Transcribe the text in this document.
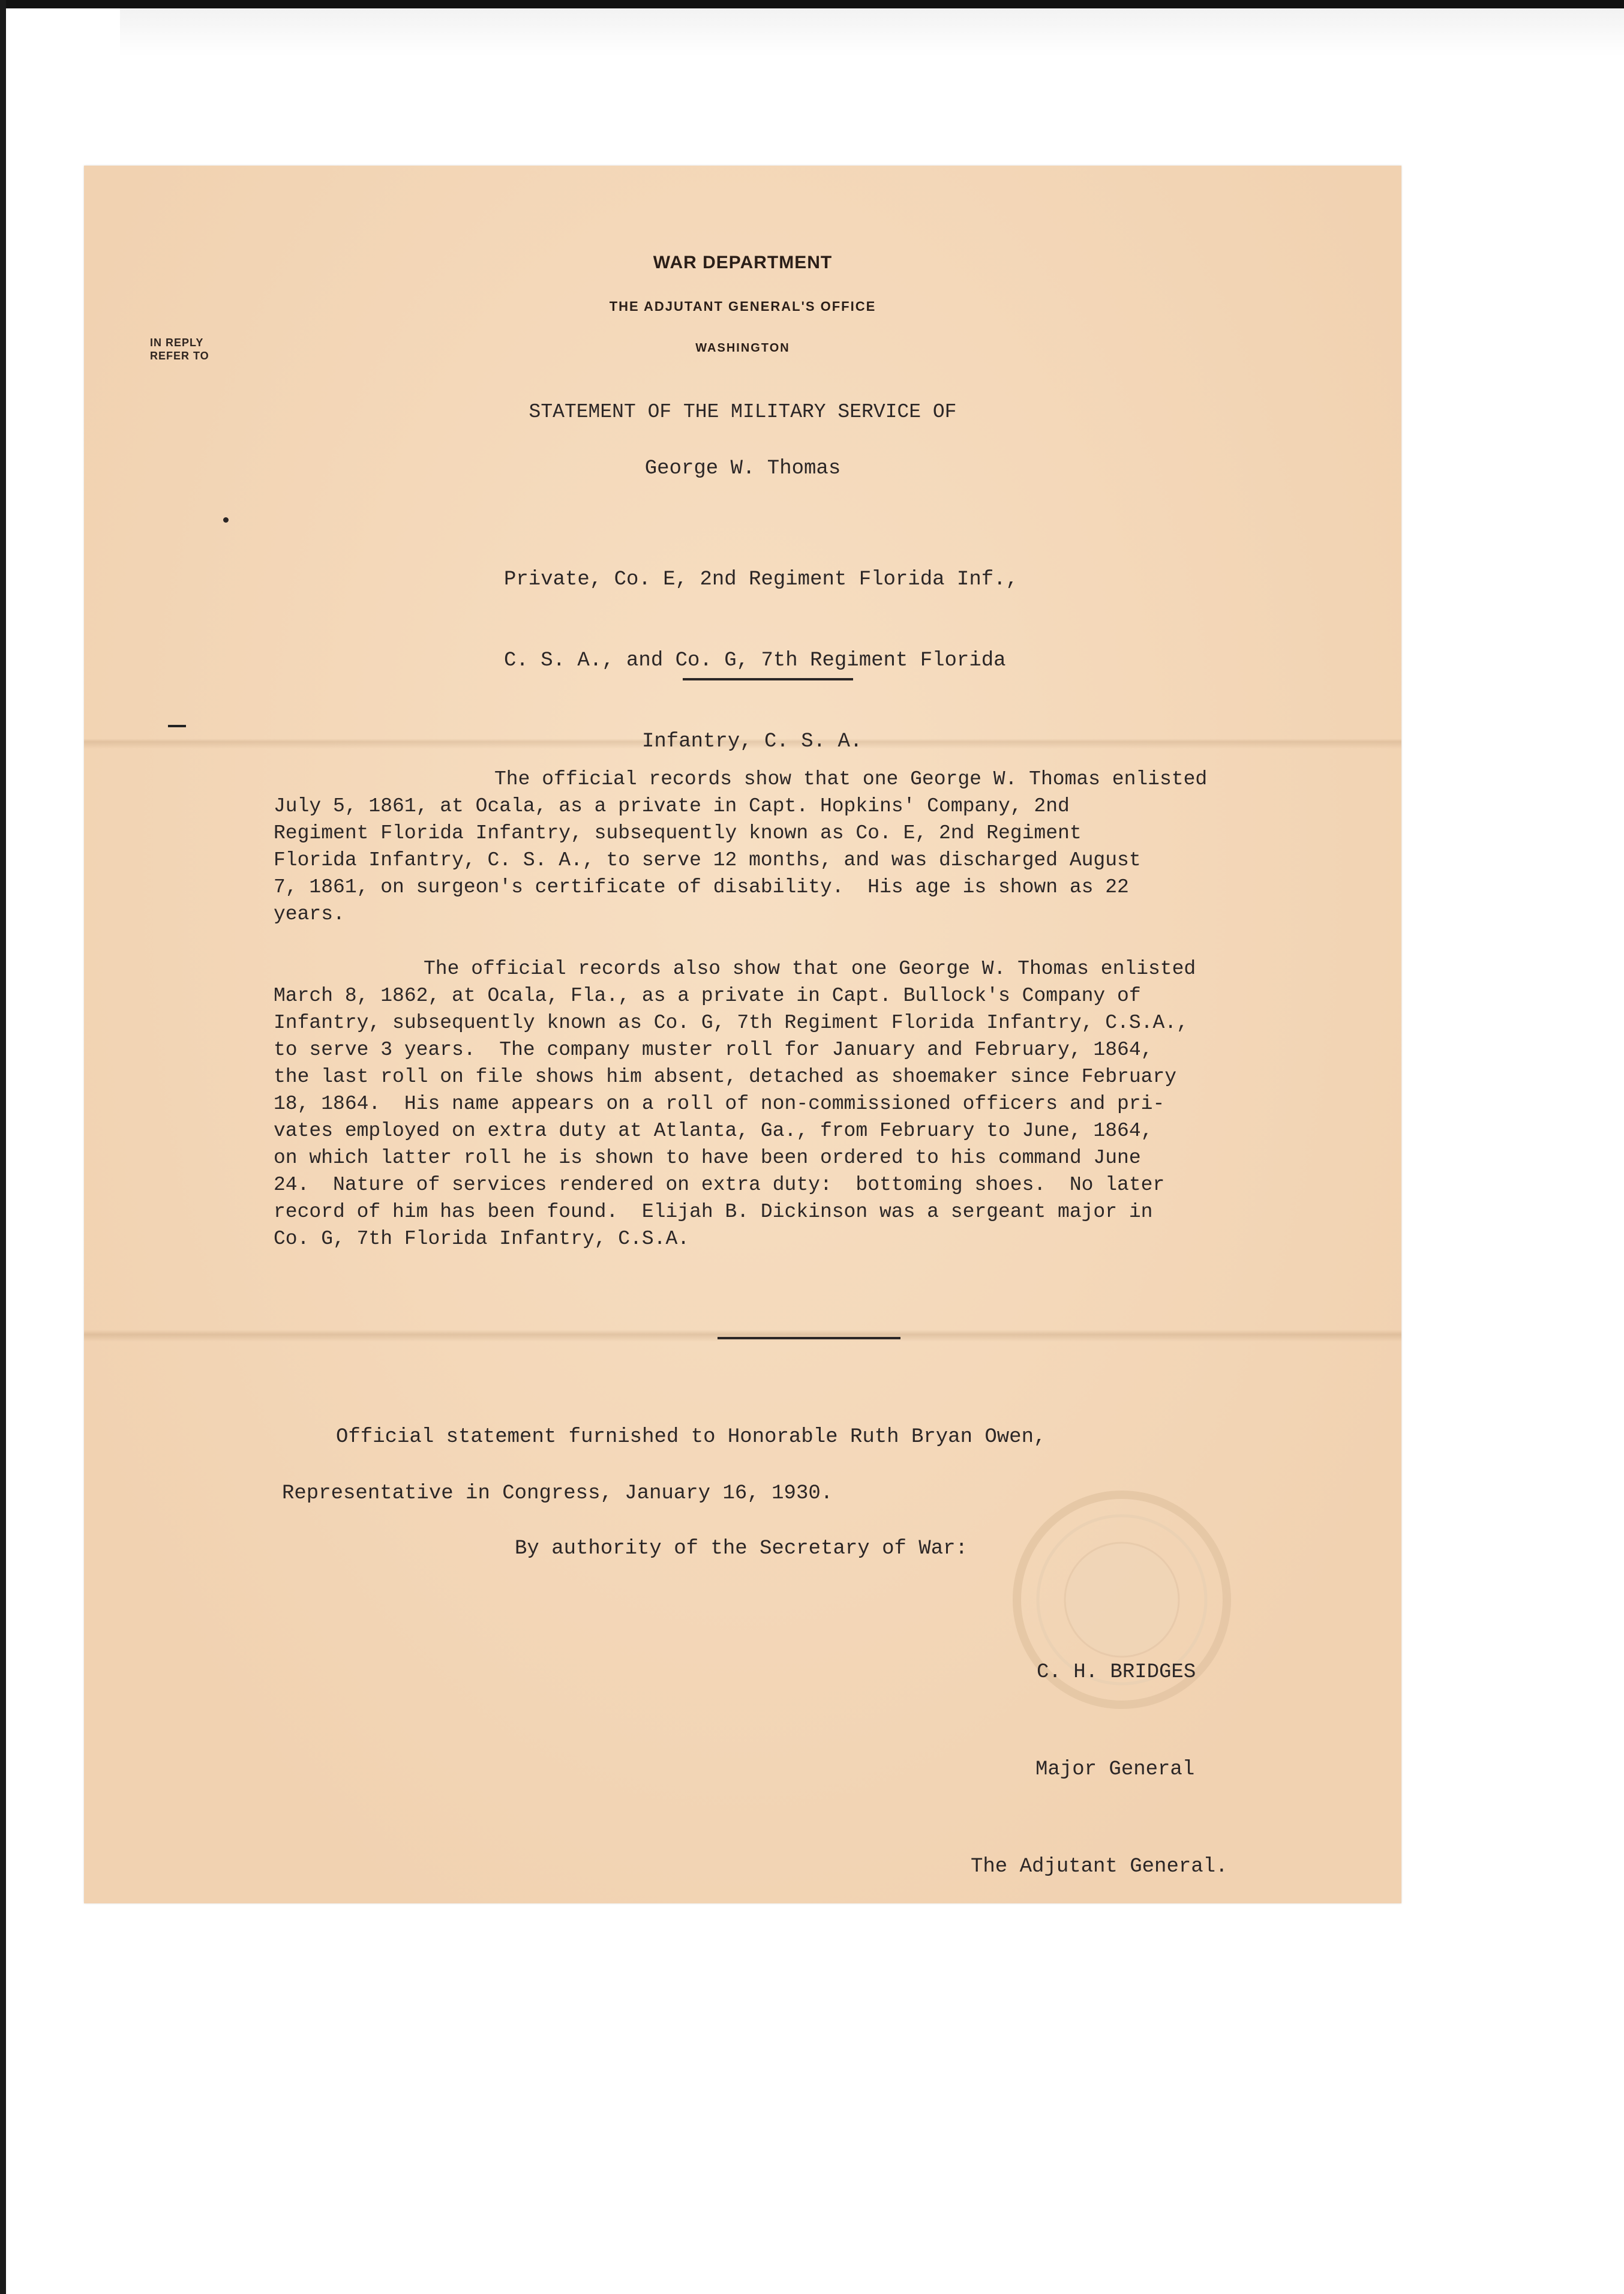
WAR DEPARTMENT
THE ADJUTANT GENERAL'S OFFICE
WASHINGTON
IN REPLY
REFER TO
STATEMENT OF THE MILITARY SERVICE OF
George W. Thomas

Private, Co. E, 2nd Regiment Florida Inf.,

C. S. A., and Co. G, 7th Regiment Florida

Infantry, C. S. A.

The official records show that one George W. Thomas enlisted
July 5, 1861, at Ocala, as a private in Capt. Hopkins' Company, 2nd
Regiment Florida Infantry, subsequently known as Co. E, 2nd Regiment
Florida Infantry, C. S. A., to serve 12 months, and was discharged August
7, 1861, on surgeon's certificate of disability.  His age is shown as 22
years.
The official records also show that one George W. Thomas enlisted
March 8, 1862, at Ocala, Fla., as a private in Capt. Bullock's Company of
Infantry, subsequently known as Co. G, 7th Regiment Florida Infantry, C.S.A.,
to serve 3 years.  The company muster roll for January and February, 1864,
the last roll on file shows him absent, detached as shoemaker since February
18, 1864.  His name appears on a roll of non-commissioned officers and pri-
vates employed on extra duty at Atlanta, Ga., from February to June, 1864,
on which latter roll he is shown to have been ordered to his command June
24.  Nature of services rendered on extra duty:  bottoming shoes.  No later
record of him has been found.  Elijah B. Dickinson was a sergeant major in
Co. G, 7th Florida Infantry, C.S.A.
Official statement furnished to Honorable Ruth Bryan Owen,
Representative in Congress, January 16, 1930.
By authority of the Secretary of War:

C. H. BRIDGES

Major General

The Adjutant General.
